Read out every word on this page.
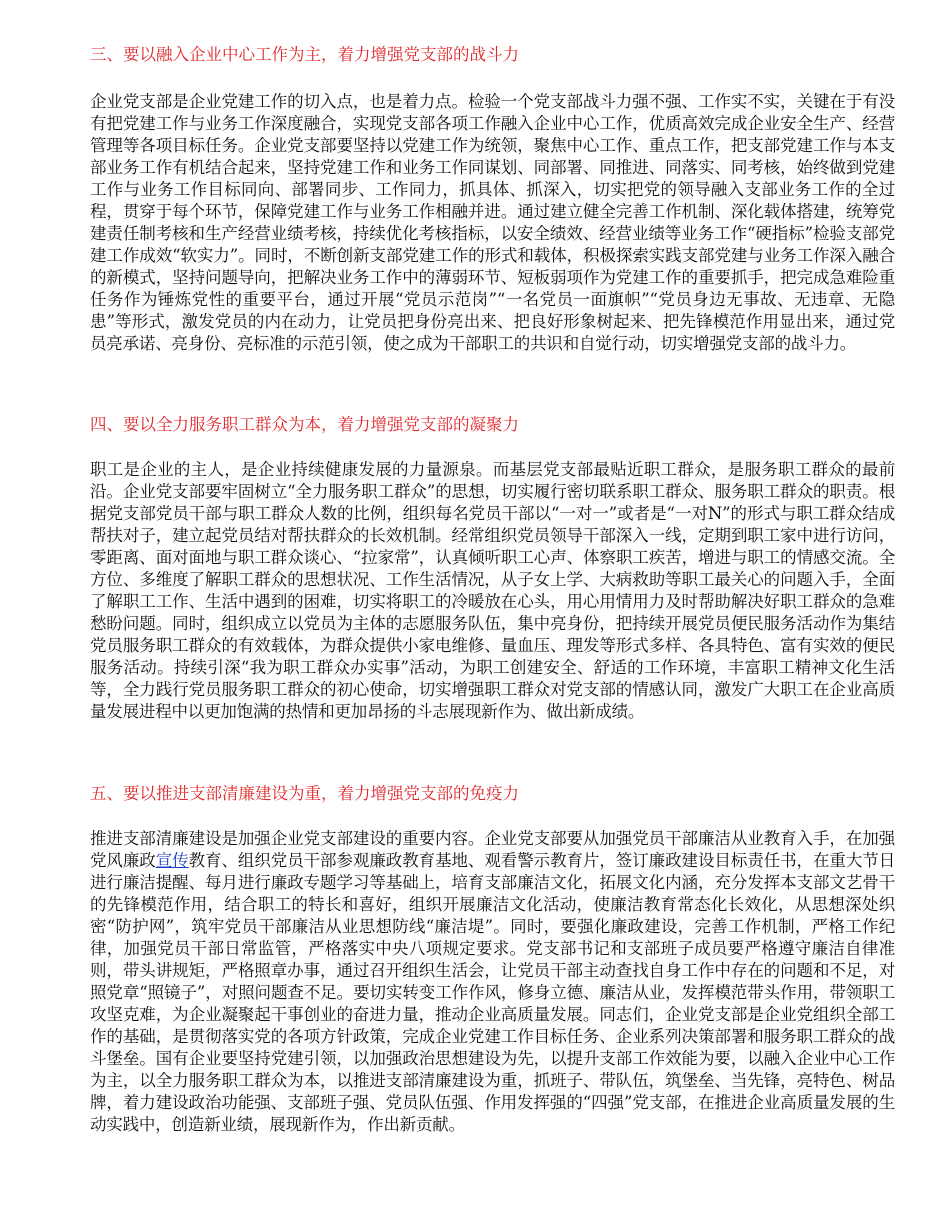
三、要以融入企业中心工作为主，着力增强党支部的战斗力

企业党支部是企业党建工作的切入点，也是着力点。检验一个党支部战斗力强不强、工作实不实，关键在于有没有把党建工作与业务工作深度融合，实现党支部各项工作融入企业中心工作，优质高效完成企业安全生产、经营管理等各项目标任务。企业党支部要坚持以党建工作为统领，聚焦中心工作、重点工作，把支部党建工作与本支部业务工作有机结合起来，坚持党建工作和业务工作同谋划、同部署、同推进、同落实、同考核，始终做到党建工作与业务工作目标同向、部署同步、工作同力，抓具体、抓深入，切实把党的领导融入支部业务工作的全过程，贯穿于每个环节，保障党建工作与业务工作相融并进。通过建立健全完善工作机制、深化载体搭建，统筹党建责任制考核和生产经营业绩考核，持续优化考核指标，以安全绩效、经营业绩等业务工作“硬指标”检验支部党建工作成效“软实力”。同时，不断创新支部党建工作的形式和载体，积极探索实践支部党建与业务工作深入融合的新模式，坚持问题导向，把解决业务工作中的薄弱环节、短板弱项作为党建工作的重要抓手，把完成急难险重任务作为锤炼党性的重要平台，通过开展“党员示范岗”“一名党员一面旗帜”“党员身边无事故、无违章、无隐患”等形式，激发党员的内在动力，让党员把身份亮出来、把良好形象树起来、把先锋模范作用显出来，通过党员亮承诺、亮身份、亮标准的示范引领，使之成为干部职工的共识和自觉行动，切实增强党支部的战斗力。

四、要以全力服务职工群众为本，着力增强党支部的凝聚力

职工是企业的主人，是企业持续健康发展的力量源泉。而基层党支部最贴近职工群众，是服务职工群众的最前沿。企业党支部要牢固树立“全力服务职工群众”的思想，切实履行密切联系职工群众、服务职工群众的职责。根据党支部党员干部与职工群众人数的比例，组织每名党员干部以“一对一”或者是“一对N”的形式与职工群众结成帮扶对子，建立起党员结对帮扶群众的长效机制。经常组织党员领导干部深入一线，定期到职工家中进行访问，零距离、面对面地与职工群众谈心、“拉家常”，认真倾听职工心声、体察职工疾苦，增进与职工的情感交流。全方位、多维度了解职工群众的思想状况、工作生活情况，从子女上学、大病救助等职工最关心的问题入手，全面了解职工工作、生活中遇到的困难，切实将职工的冷暖放在心头，用心用情用力及时帮助解决好职工群众的急难愁盼问题。同时，组织成立以党员为主体的志愿服务队伍，集中亮身份，把持续开展党员便民服务活动作为集结党员服务职工群众的有效载体，为群众提供小家电维修、量血压、理发等形式多样、各具特色、富有实效的便民服务活动。持续引深“我为职工群众办实事”活动，为职工创建安全、舒适的工作环境，丰富职工精神文化生活等，全力践行党员服务职工群众的初心使命，切实增强职工群众对党支部的情感认同，激发广大职工在企业高质量发展进程中以更加饱满的热情和更加昂扬的斗志展现新作为、做出新成绩。

五、要以推进支部清廉建设为重，着力增强党支部的免疫力

推进支部清廉建设是加强企业党支部建设的重要内容。企业党支部要从加强党员干部廉洁从业教育入手，在加强党风廉政宣传教育、组织党员干部参观廉政教育基地、观看警示教育片，签订廉政建设目标责任书，在重大节日进行廉洁提醒、每月进行廉政专题学习等基础上，培育支部廉洁文化，拓展文化内涵，充分发挥本支部文艺骨干的先锋模范作用，结合职工的特长和喜好，组织开展廉洁文化活动，使廉洁教育常态化长效化，从思想深处织密“防护网”，筑牢党员干部廉洁从业思想防线“廉洁堤”。同时，要强化廉政建设，完善工作机制，严格工作纪律，加强党员干部日常监管，严格落实中央八项规定要求。党支部书记和支部班子成员要严格遵守廉洁自律准则，带头讲规矩，严格照章办事，通过召开组织生活会，让党员干部主动查找自身工作中存在的问题和不足，对照党章“照镜子”，对照问题查不足。要切实转变工作作风，修身立德、廉洁从业，发挥模范带头作用，带领职工攻坚克难，为企业凝聚起干事创业的奋进力量，推动企业高质量发展。同志们，企业党支部是企业党组织全部工作的基础，是贯彻落实党的各项方针政策，完成企业党建工作目标任务、企业系列决策部署和服务职工群众的战斗堡垒。国有企业要坚持党建引领，以加强政治思想建设为先，以提升支部工作效能为要，以融入企业中心工作为主，以全力服务职工群众为本，以推进支部清廉建设为重，抓班子、带队伍，筑堡垒、当先锋，亮特色、树品牌，着力建设政治功能强、支部班子强、党员队伍强、作用发挥强的“四强”党支部，在推进企业高质量发展的生动实践中，创造新业绩，展现新作为，作出新贡献。
